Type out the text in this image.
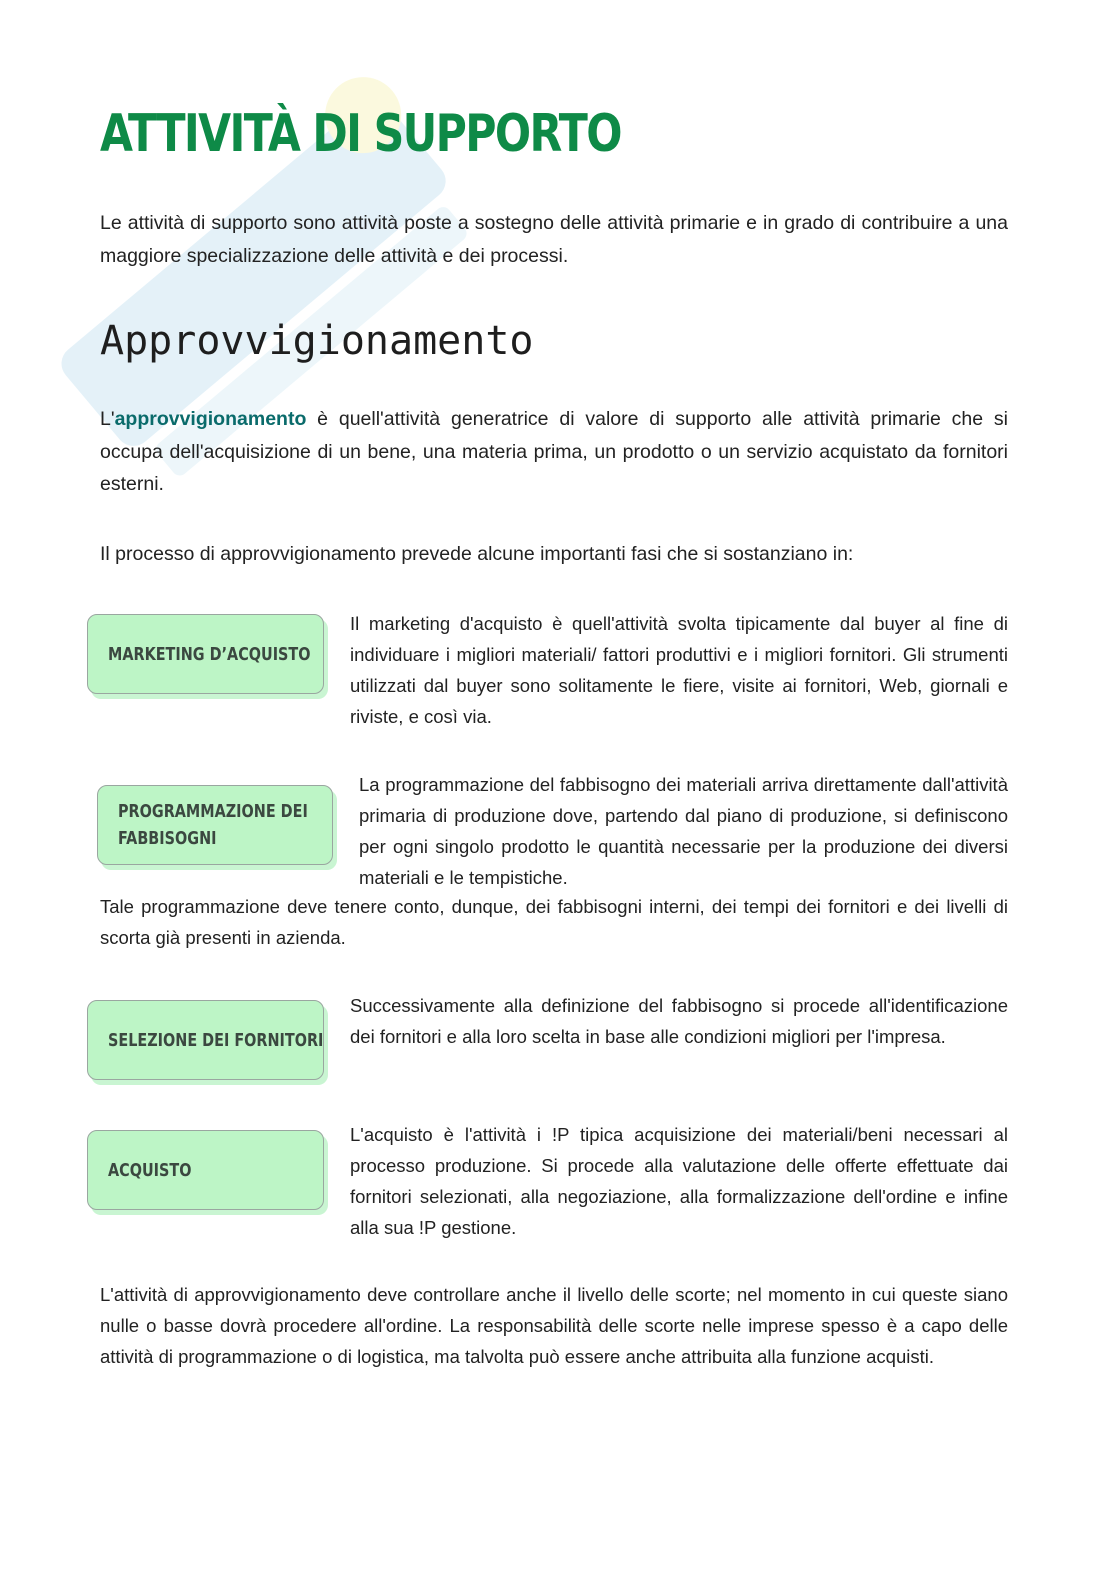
ATTIVITÀ DI SUPPORTO

Le attività di supporto sono attività poste a sostegno delle attività primarie e in grado di contribuire a una maggiore specializzazione delle attività e dei processi.

Approvvigionamento

L'approvvigionamento è quell'attività generatrice di valore di supporto alle attività primarie che si occupa dell'acquisizione di un bene, una materia prima, un prodotto o un servizio acquistato da fornitori esterni.

Il processo di approvvigionamento prevede alcune importanti fasi che si sostanziano in:

MARKETING D’ACQUISTO

Il marketing d'acquisto è quell'attività svolta tipicamente dal buyer al fine di individuare i migliori materiali/ fattori produttivi e i migliori fornitori. Gli strumenti utilizzati dal buyer sono solitamente le fiere, visite ai fornitori, Web, giornali e riviste, e così via.

PROGRAMMAZIONE DEI
FABBISOGNI

La programmazione del fabbisogno dei materiali arriva direttamente dall'attività primaria di produzione dove, partendo dal piano di produzione, si definiscono per ogni singolo prodotto le quantità necessarie per la produzione dei diversi materiali e le tempistiche.

Tale programmazione deve tenere conto, dunque, dei fabbisogni interni, dei tempi dei fornitori e dei livelli di scorta già presenti in azienda.

SELEZIONE DEI FORNITORI

Successivamente alla definizione del fabbisogno si procede all'identificazione dei fornitori e alla loro scelta in base alle condizioni migliori per l'impresa.

ACQUISTO

L'acquisto è l'attività i !P tipica acquisizione dei materiali/beni necessari al processo produzione. Si procede alla valutazione delle offerte effettuate dai fornitori selezionati, alla negoziazione, alla formalizzazione dell'ordine e infine alla sua !P gestione.

L'attività di approvvigionamento deve controllare anche il livello delle scorte; nel momento in cui queste siano nulle o basse dovrà procedere all'ordine. La responsabilità delle scorte nelle imprese spesso è a capo delle attività di programmazione o di logistica, ma talvolta può essere anche attribuita alla funzione acquisti.
